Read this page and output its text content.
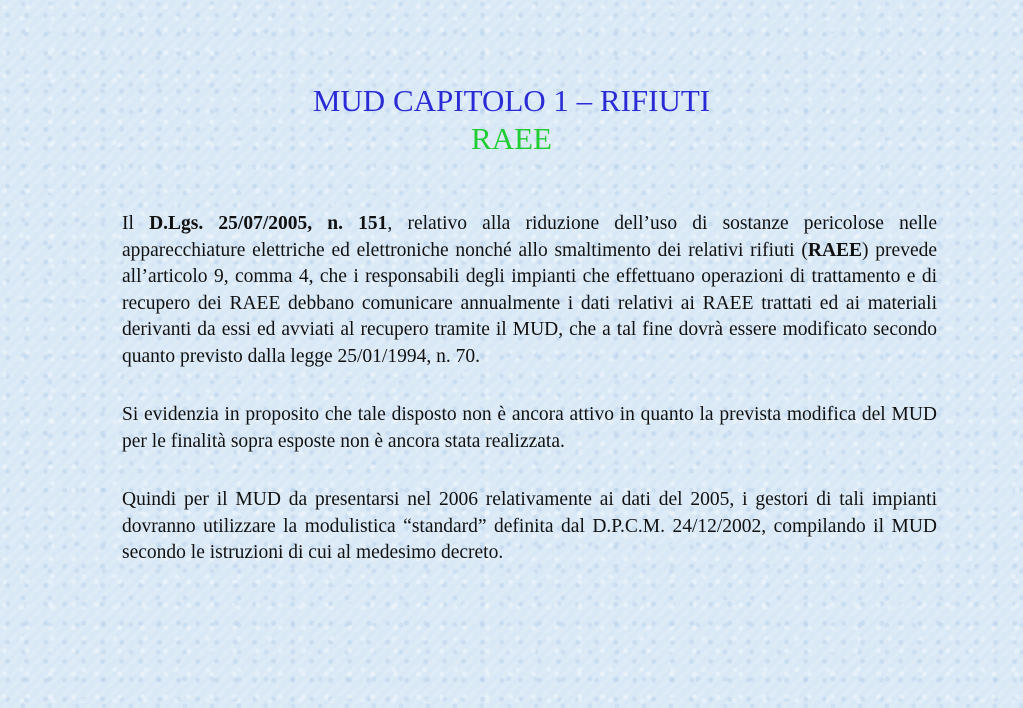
MUD CAPITOLO 1 – RIFIUTI
RAEE

Il D.Lgs. 25/07/2005, n. 151, relativo alla riduzione dell’uso di sostanze pericolose nelle apparecchiature elettriche ed elettroniche nonché allo smaltimento dei relativi rifiuti (RAEE) prevede all’articolo 9, comma 4, che i responsabili degli impianti che effettuano operazioni di trattamento e di recupero dei RAEE debbano comunicare annualmente i dati relativi ai RAEE trattati ed ai materiali derivanti da essi ed avviati al recupero tramite il MUD, che a tal fine dovrà essere modificato secondo quanto previsto dalla legge 25/01/1994, n. 70.

Si evidenzia in proposito che tale disposto non è ancora attivo in quanto la prevista modifica del MUD per le finalità sopra esposte non è ancora stata realizzata.

Quindi per il MUD da presentarsi nel 2006 relativamente ai dati del 2005, i gestori di tali impianti dovranno utilizzare la modulistica “standard” definita dal D.P.C.M. 24/12/2002, compilando il MUD secondo le istruzioni di cui al medesimo decreto.
